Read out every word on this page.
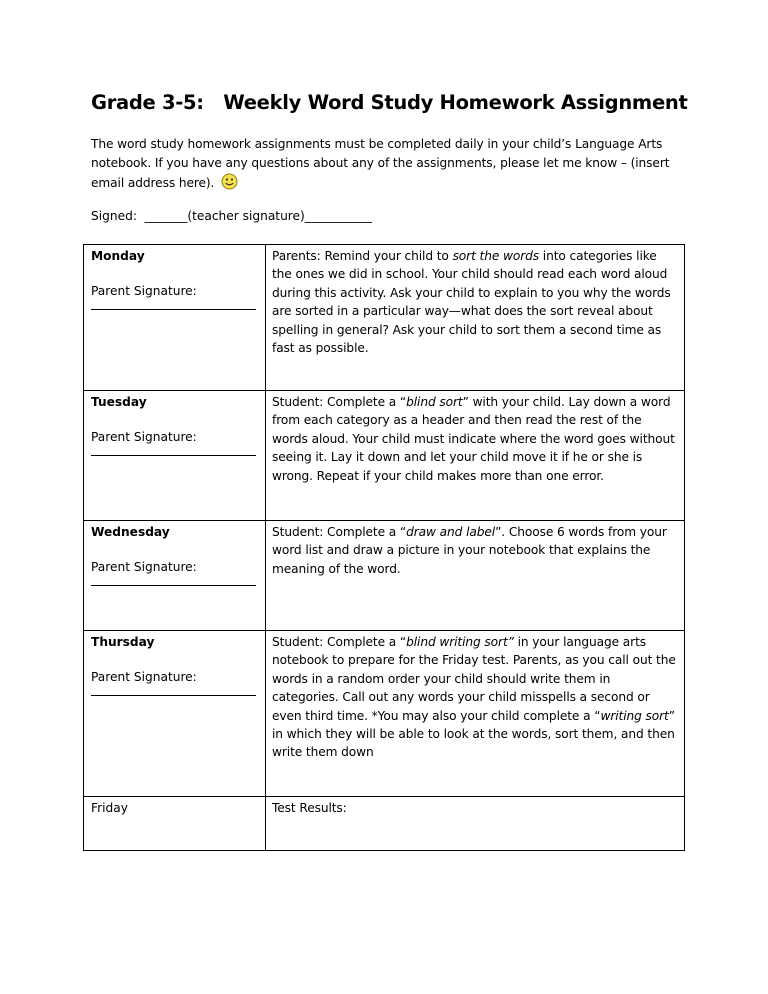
Grade 3-5:   Weekly Word Study Homework Assignment
The word study homework assignments must be completed daily in your child’s Language Arts
notebook. If you have any questions about any of the assignments, please let me know – (insert
email address here).
Signed:  _______(teacher signature)___________
Monday
Parent Signature:	Parents: Remind your child to sort the words into categories like the ones we did in school. Your child should read each word aloud during this activity. Ask your child to explain to you why the words are sorted in a particular way—what does the sort reveal about spelling in general? Ask your child to sort them a second time as fast as possible.

Tuesday
Parent Signature:	Student: Complete a “blind sort” with your child. Lay down a word from each category as a header and then read the rest of the words aloud. Your child must indicate where the word goes without seeing it. Lay it down and let your child move it if he or she is wrong. Repeat if your child makes more than one error.

Wednesday
Parent Signature:	Student: Complete a “draw and label”. Choose 6 words from your word list and draw a picture in your notebook that explains the meaning of the word.

Thursday
Parent Signature:	Student: Complete a “blind writing sort” in your language arts notebook to prepare for the Friday test. Parents, as you call out the words in a random order your child should write them in categories. Call out any words your child misspells a second or even third time. *You may also your child complete a “writing sort” in which they will be able to look at the words, sort them, and then write them down

Friday	Test Results:
